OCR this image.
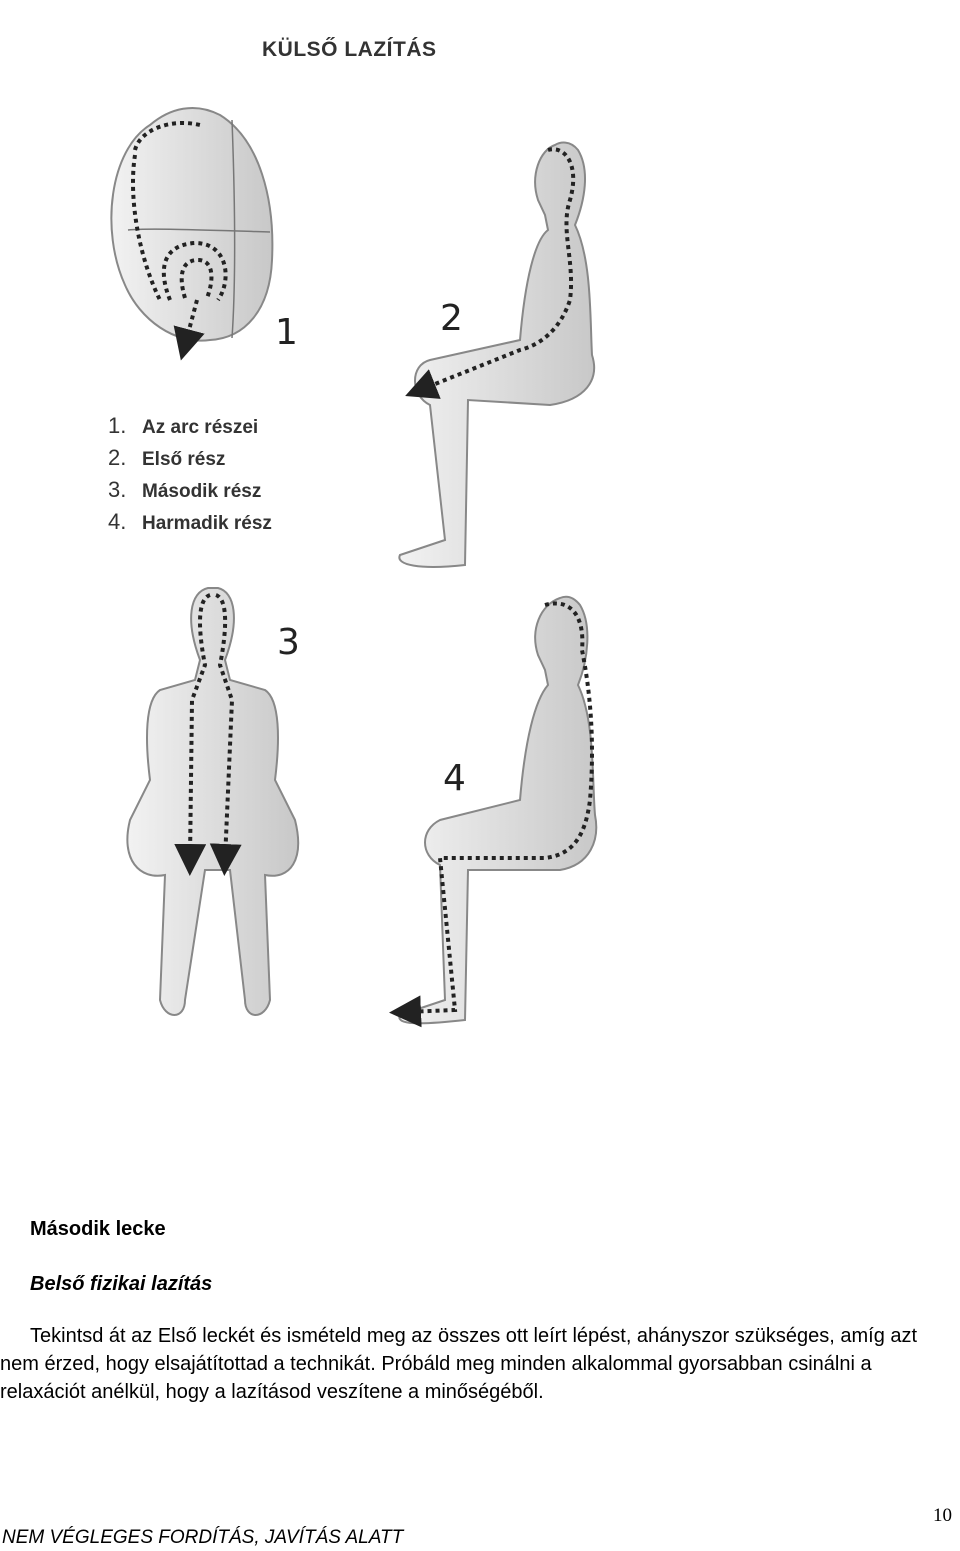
KÜLSŐ LAZÍTÁS
1	2
3
4
1. Az arc részei
2. Első rész
3. Második rész
4. Harmadik rész
Második lecke
Belső fizikai lazítás
Tekintsd át az Első leckét és ismételd meg az összes ott leírt lépést, ahányszor szükséges, amíg azt
nem érzed, hogy elsajátítottad a technikát. Próbáld meg minden alkalommal gyorsabban csinálni a
relaxációt anélkül, hogy a lazításod veszítene a minőségéből.
10
NEM VÉGLEGES FORDÍTÁS, JAVÍTÁS ALATT
